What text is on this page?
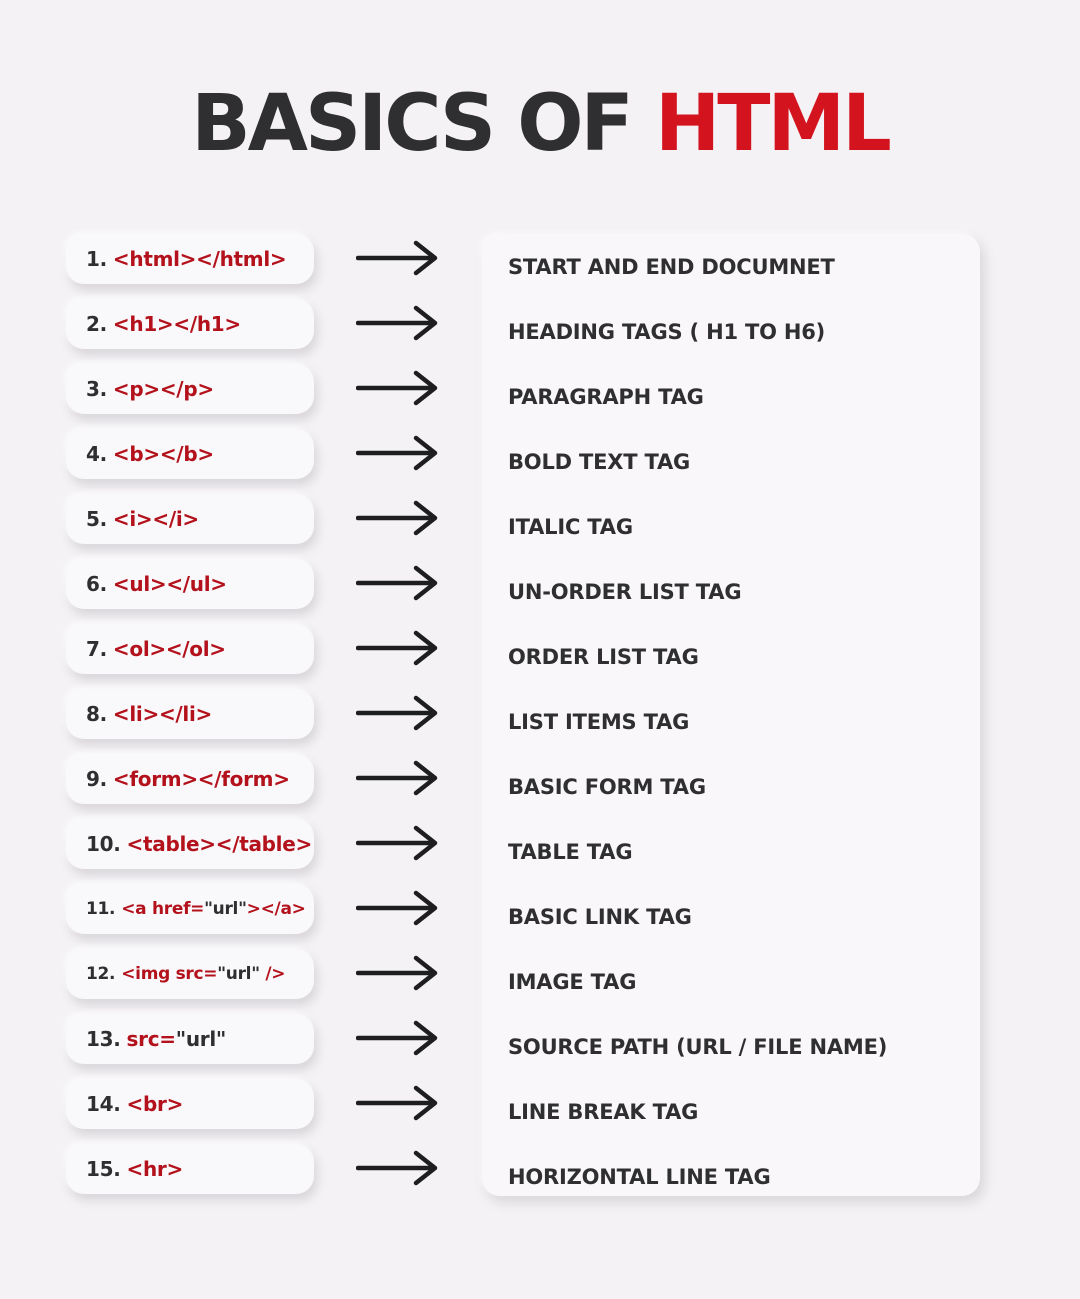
BASICS OF HTML
1. <html></html>	START AND END DOCUMNET
2. <h1></h1>	HEADING TAGS ( H1 TO H6)
3. <p></p>	PARAGRAPH TAG
4. <b></b>	BOLD TEXT TAG
5. <i></i>	ITALIC TAG
6. <ul></ul>	UN-ORDER LIST TAG
7. <ol></ol>	ORDER LIST TAG
8. <li></li>	LIST ITEMS TAG
9. <form></form>	BASIC FORM TAG
10. <table></table>	TABLE TAG
11. <a href="url"></a>	BASIC LINK TAG
12. <img src="url" />	IMAGE TAG
13. src="url"	SOURCE PATH (URL / FILE NAME)
14. <br>	LINE BREAK TAG
15. <hr>	HORIZONTAL LINE TAG
